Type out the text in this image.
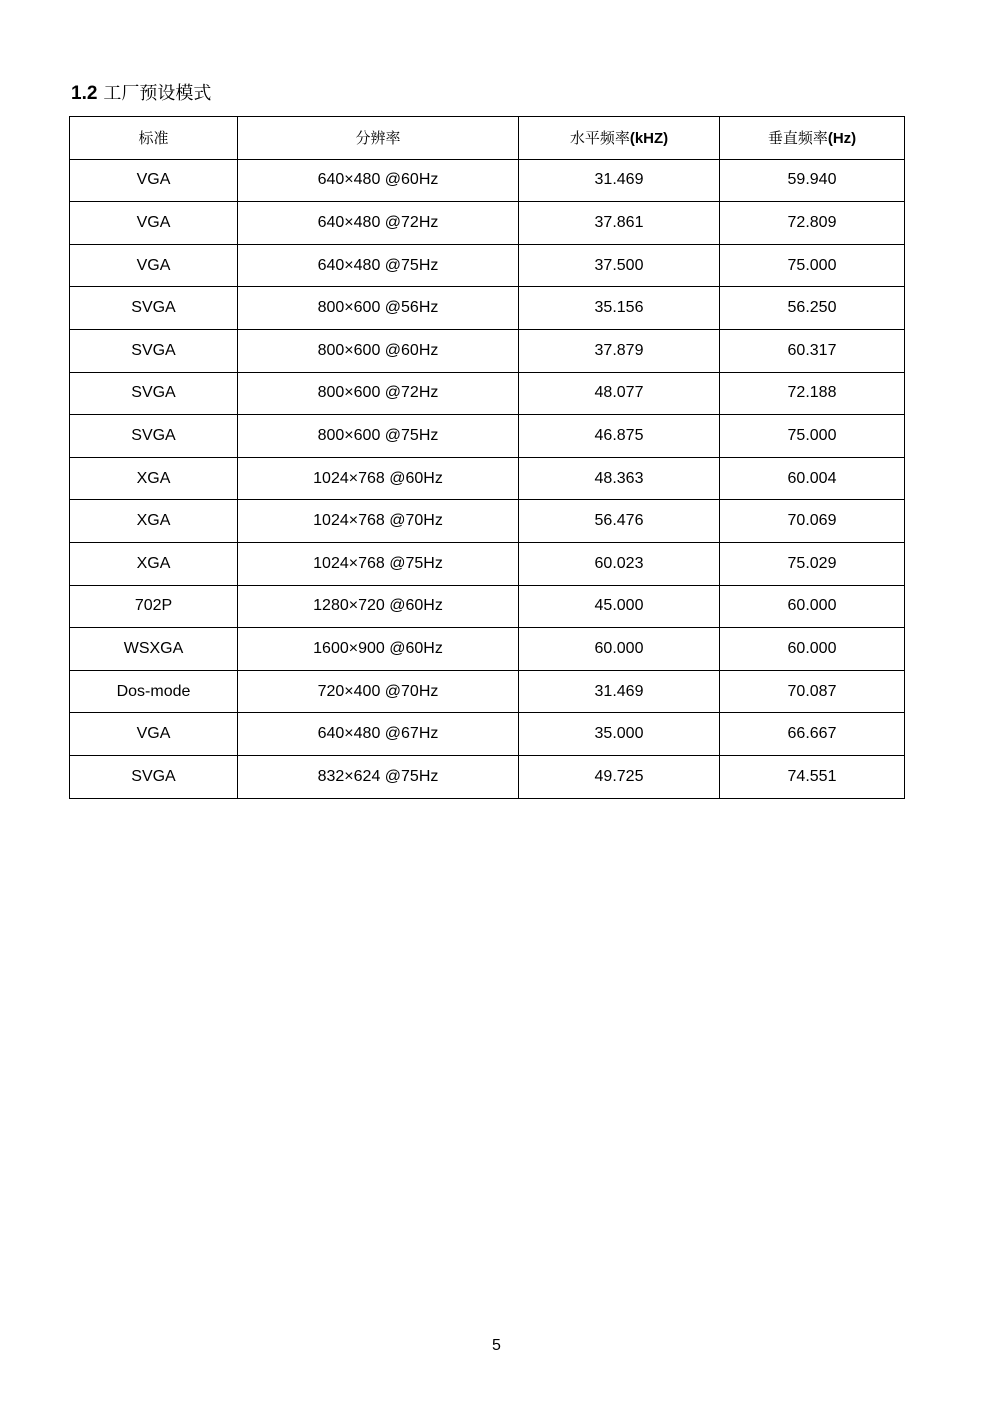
1.2 工厂预设模式
标准	分辨率	水平频率(kHZ)	垂直频率(Hz)
VGA	640×480 @60Hz	31.469	59.940
VGA	640×480 @72Hz	37.861	72.809
VGA	640×480 @75Hz	37.500	75.000
SVGA	800×600 @56Hz	35.156	56.250
SVGA	800×600 @60Hz	37.879	60.317
SVGA	800×600 @72Hz	48.077	72.188
SVGA	800×600 @75Hz	46.875	75.000
XGA	1024×768 @60Hz	48.363	60.004
XGA	1024×768 @70Hz	56.476	70.069
XGA	1024×768 @75Hz	60.023	75.029
702P	1280×720 @60Hz	45.000	60.000
WSXGA	1600×900 @60Hz	60.000	60.000
Dos-mode	720×400 @70Hz	31.469	70.087
VGA	640×480 @67Hz	35.000	66.667
SVGA	832×624 @75Hz	49.725	74.551
5
